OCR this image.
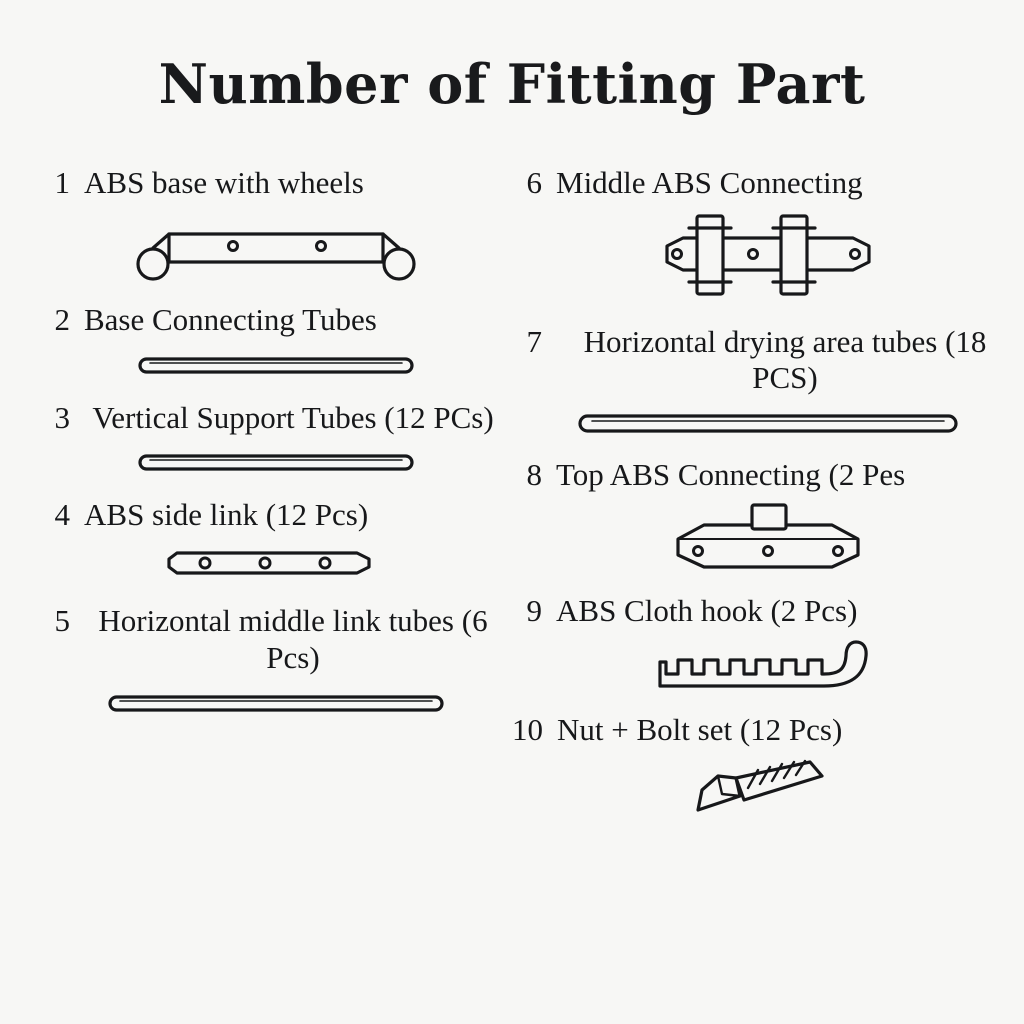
Number of Fitting Part
1 ABS base with wheels
2 Base Connecting Tubes
3 Vertical Support Tubes (12 PCs)
4 ABS side link (12 Pcs)
5 Horizontal middle link tubes (6 Pcs)
6 Middle ABS Connecting
7	Horizontal drying area tubes (18 PCS)
8 Top ABS Connecting (2 Pes
9 ABS Cloth hook (2 Pcs)
10 Nut + Bolt set (12 Pcs)
